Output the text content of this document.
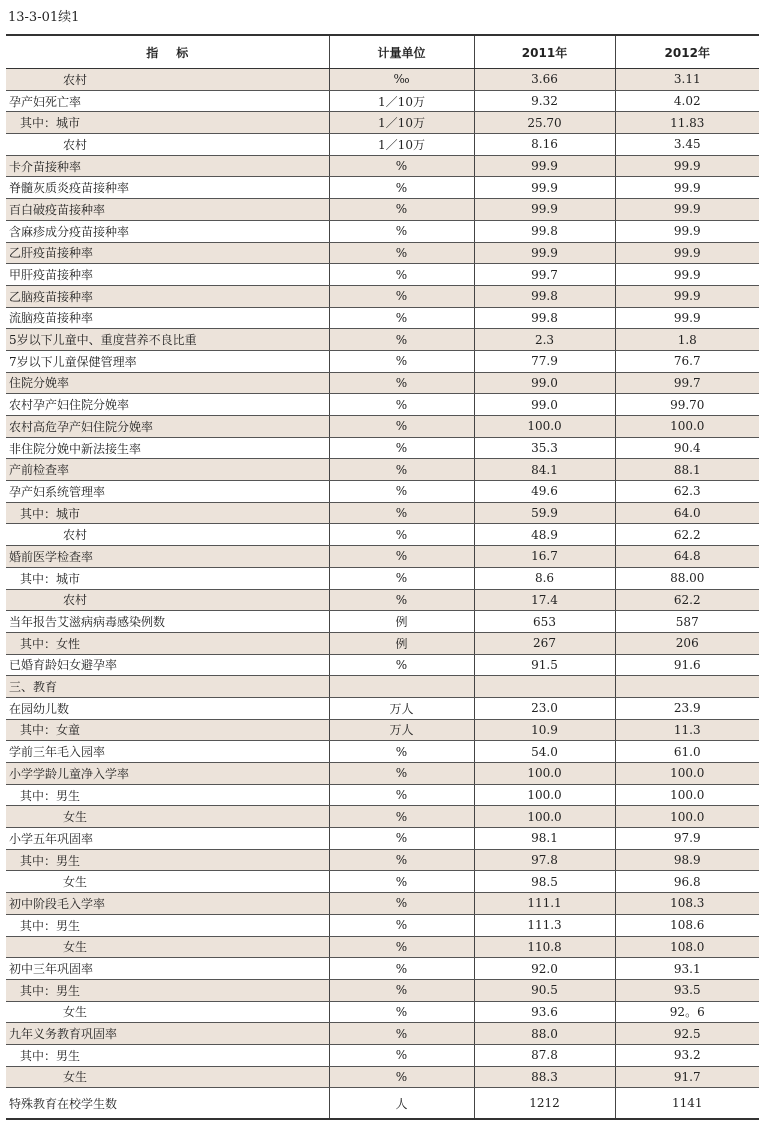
13-3-01续1
指标	计量单位	2011年	2012年
农村	‰	3.66	3.11
孕产妇死亡率	1／10万	9.32	4.02
其中：城市	1／10万	25.70	11.83
农村	1／10万	8.16	3.45
卡介苗接种率	%	99.9	99.9
脊髓灰质炎疫苗接种率	%	99.9	99.9
百白破疫苗接种率	%	99.9	99.9
含麻疹成分疫苗接种率	%	99.8	99.9
乙肝疫苗接种率	%	99.9	99.9
甲肝疫苗接种率	%	99.7	99.9
乙脑疫苗接种率	%	99.8	99.9
流脑疫苗接种率	%	99.8	99.9
5岁以下儿童中、重度营养不良比重	%	2.3	1.8
7岁以下儿童保健管理率	%	77.9	76.7
住院分娩率	%	99.0	99.7
农村孕产妇住院分娩率	%	99.0	99.70
农村高危孕产妇住院分娩率	%	100.0	100.0
非住院分娩中新法接生率	%	35.3	90.4
产前检查率	%	84.1	88.1
孕产妇系统管理率	%	49.6	62.3
其中：城市	%	59.9	64.0
农村	%	48.9	62.2
婚前医学检查率	%	16.7	64.8
其中：城市	%	8.6	88.00
农村	%	17.4	62.2
当年报告艾滋病病毒感染例数	例	653	587
其中：女性	例	267	206
已婚育龄妇女避孕率	%	91.5	91.6
三、教育			
在园幼儿数	万人	23.0	23.9
其中：女童	万人	10.9	11.3
学前三年毛入园率	%	54.0	61.0
小学学龄儿童净入学率	%	100.0	100.0
其中：男生	%	100.0	100.0
女生	%	100.0	100.0
小学五年巩固率	%	98.1	97.9
其中：男生	%	97.8	98.9
女生	%	98.5	96.8
初中阶段毛入学率	%	111.1	108.3
其中：男生	%	111.3	108.6
女生	%	110.8	108.0
初中三年巩固率	%	92.0	93.1
其中：男生	%	90.5	93.5
女生	%	93.6	92。6
九年义务教育巩固率	%	88.0	92.5
其中：男生	%	87.8	93.2
女生	%	88.3	91.7
特殊教育在校学生数	人	1212	1141
